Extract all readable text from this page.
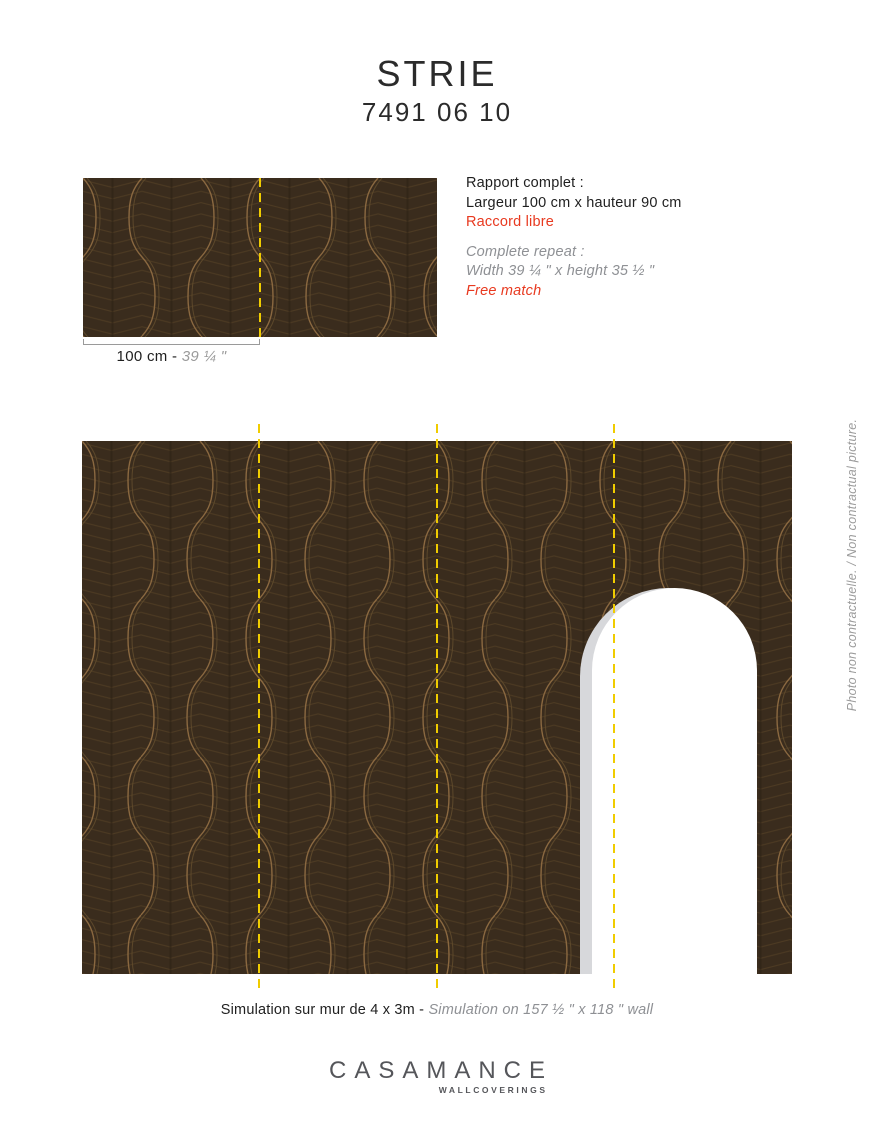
STRIE
7491 06 10
100 cm - 39 ¼ "

Rapport complet :

Largeur 100 cm x hauteur 90 cm

Raccord libre

Complete repeat :

Width 39 ¼ " x height 35 ½ "

Free match

Simulation sur mur de 4 x 3m - Simulation on 157 ½ " x 118 " wall
Photo non contractuelle. / Non contractual picture.
CASAMANCE
WALLCOVERINGS
